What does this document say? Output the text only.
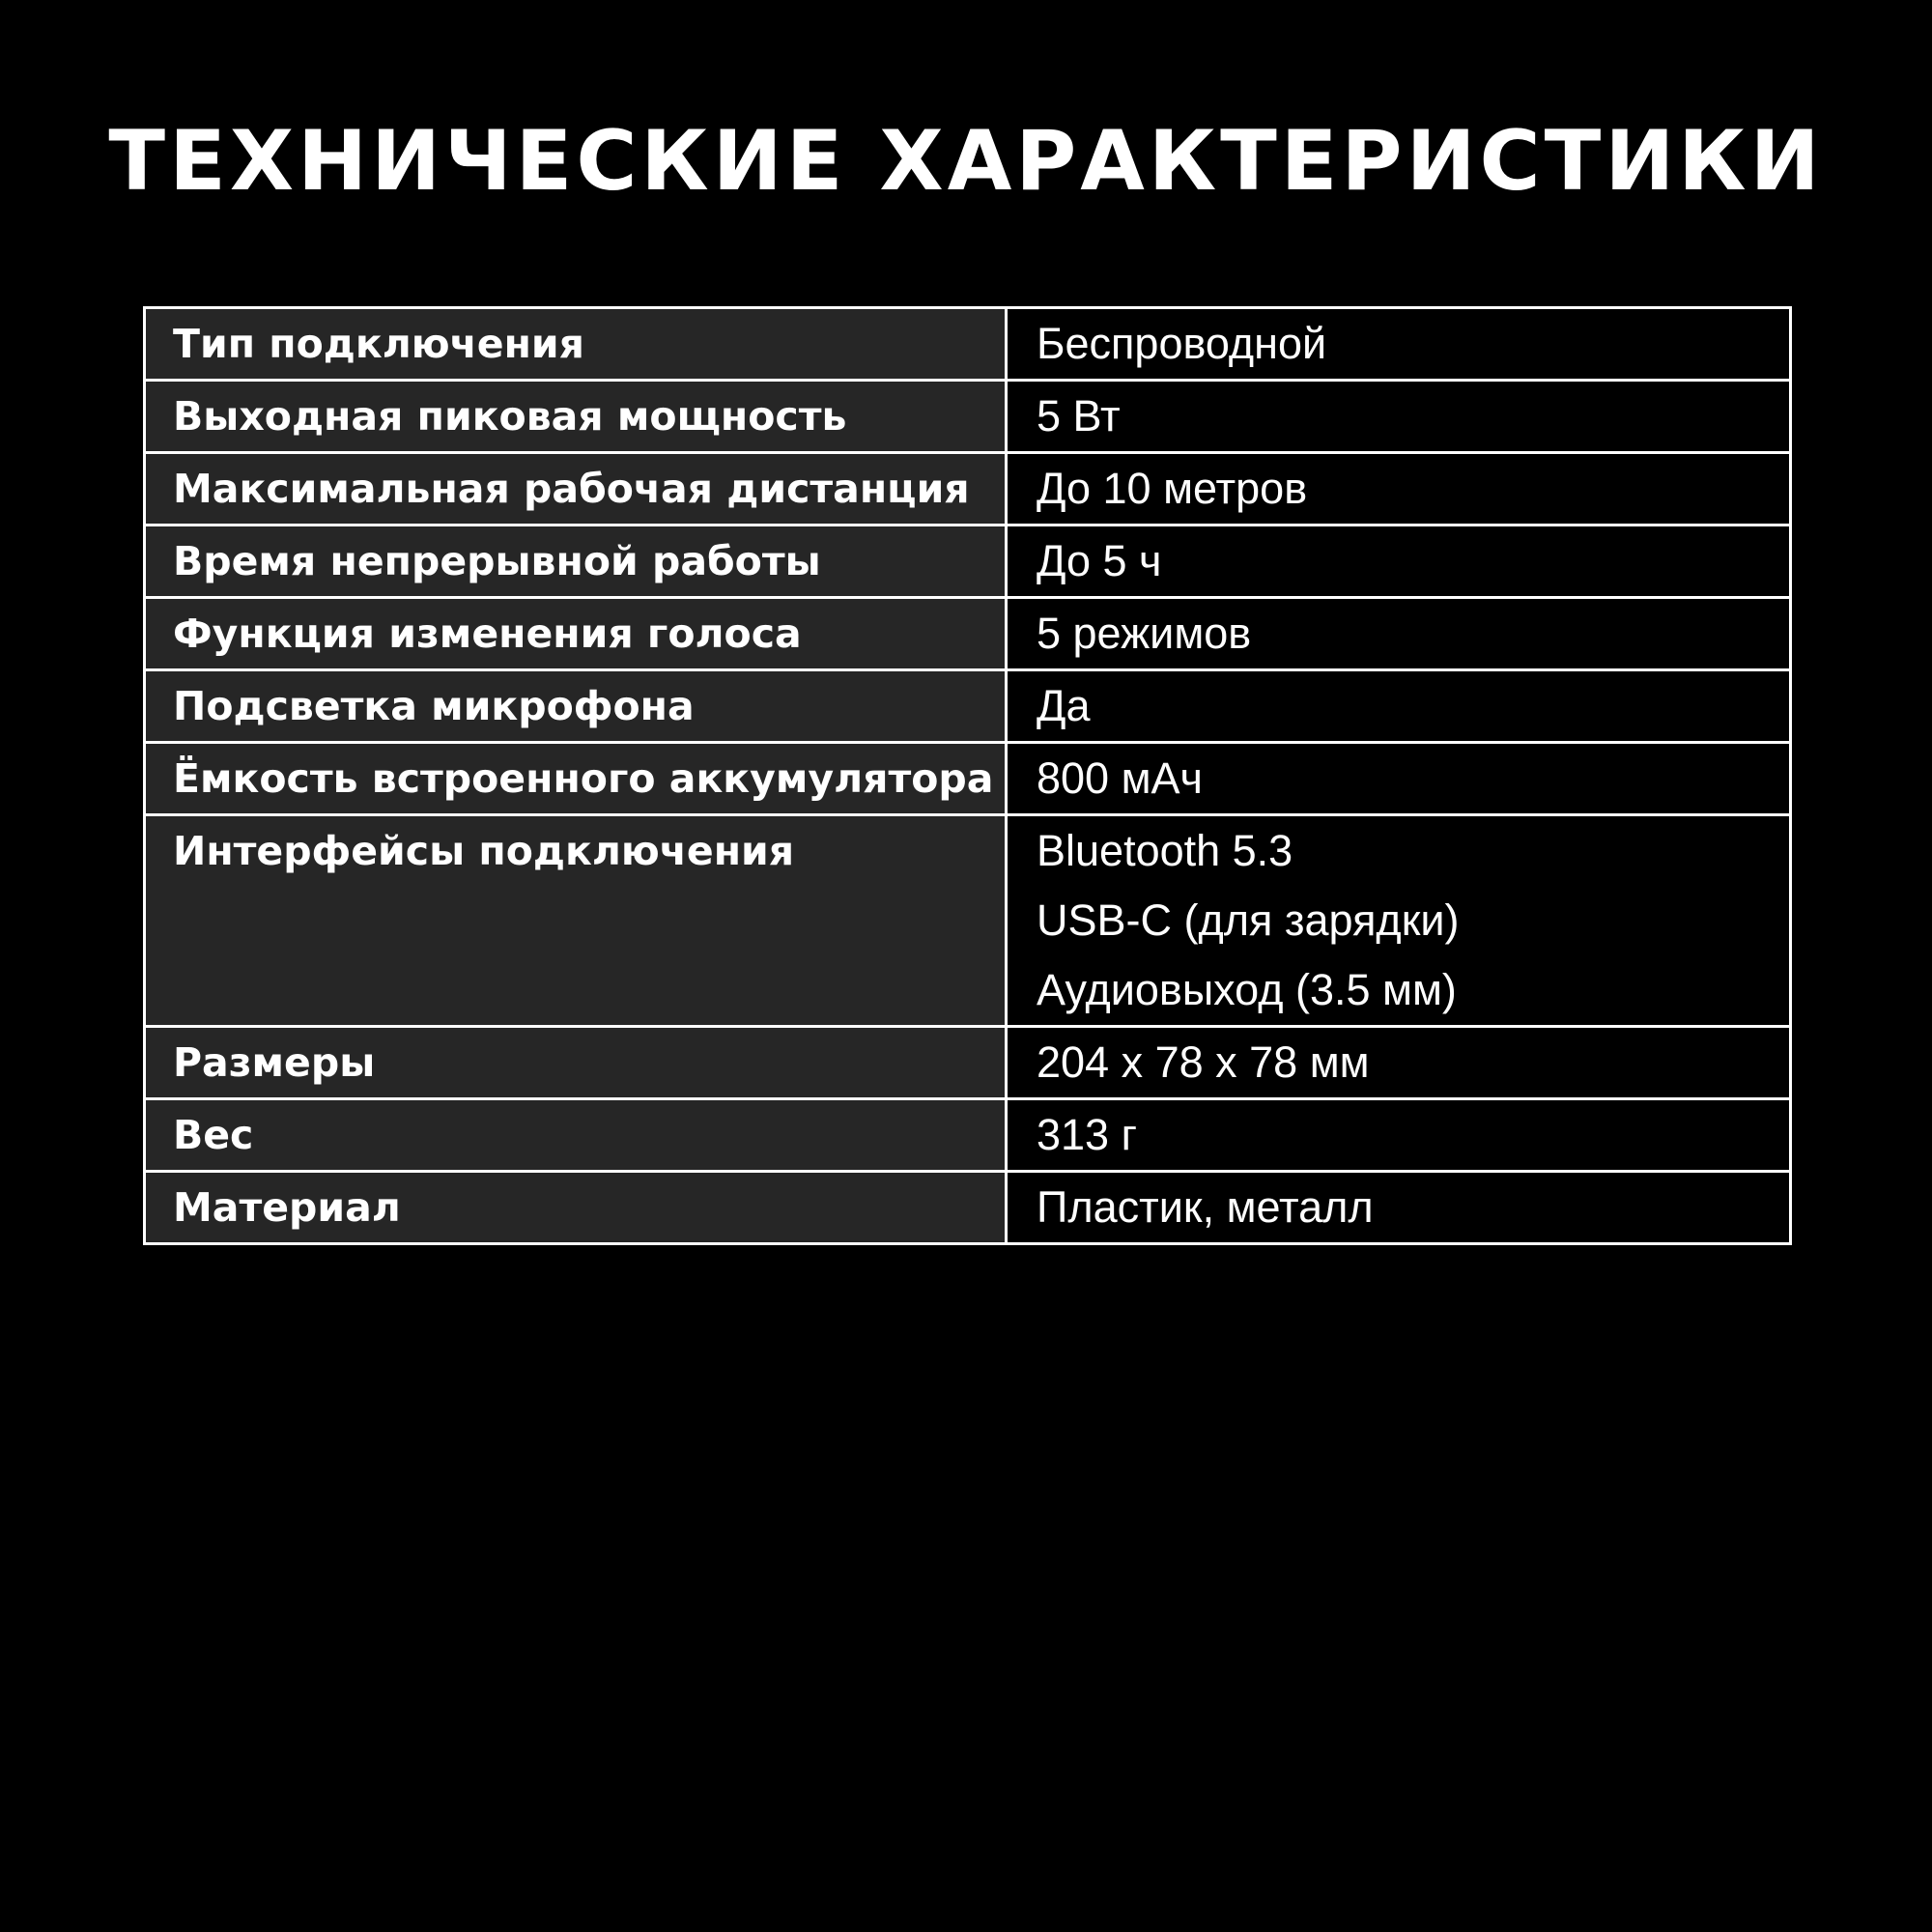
ТЕХНИЧЕСКИЕ ХАРАКТЕРИСТИКИ
Тип подключения	Беспроводной

Выходная пиковая мощность	5 Вт

Максимальная рабочая дистанция	До 10 метров

Время непрерывной работы	До 5 ч

Функция изменения голоса	5 режимов

Подсветка микрофона	Да

Ёмкость встроенного аккумулятора	800 мАч

Интерфейсы подключения	Bluetooth 5.3
USB-C (для зарядки)
Аудиовыход (3.5 мм)

Размеры	204 x 78 x 78 мм

Вес	313 г

Материал	Пластик, металл
